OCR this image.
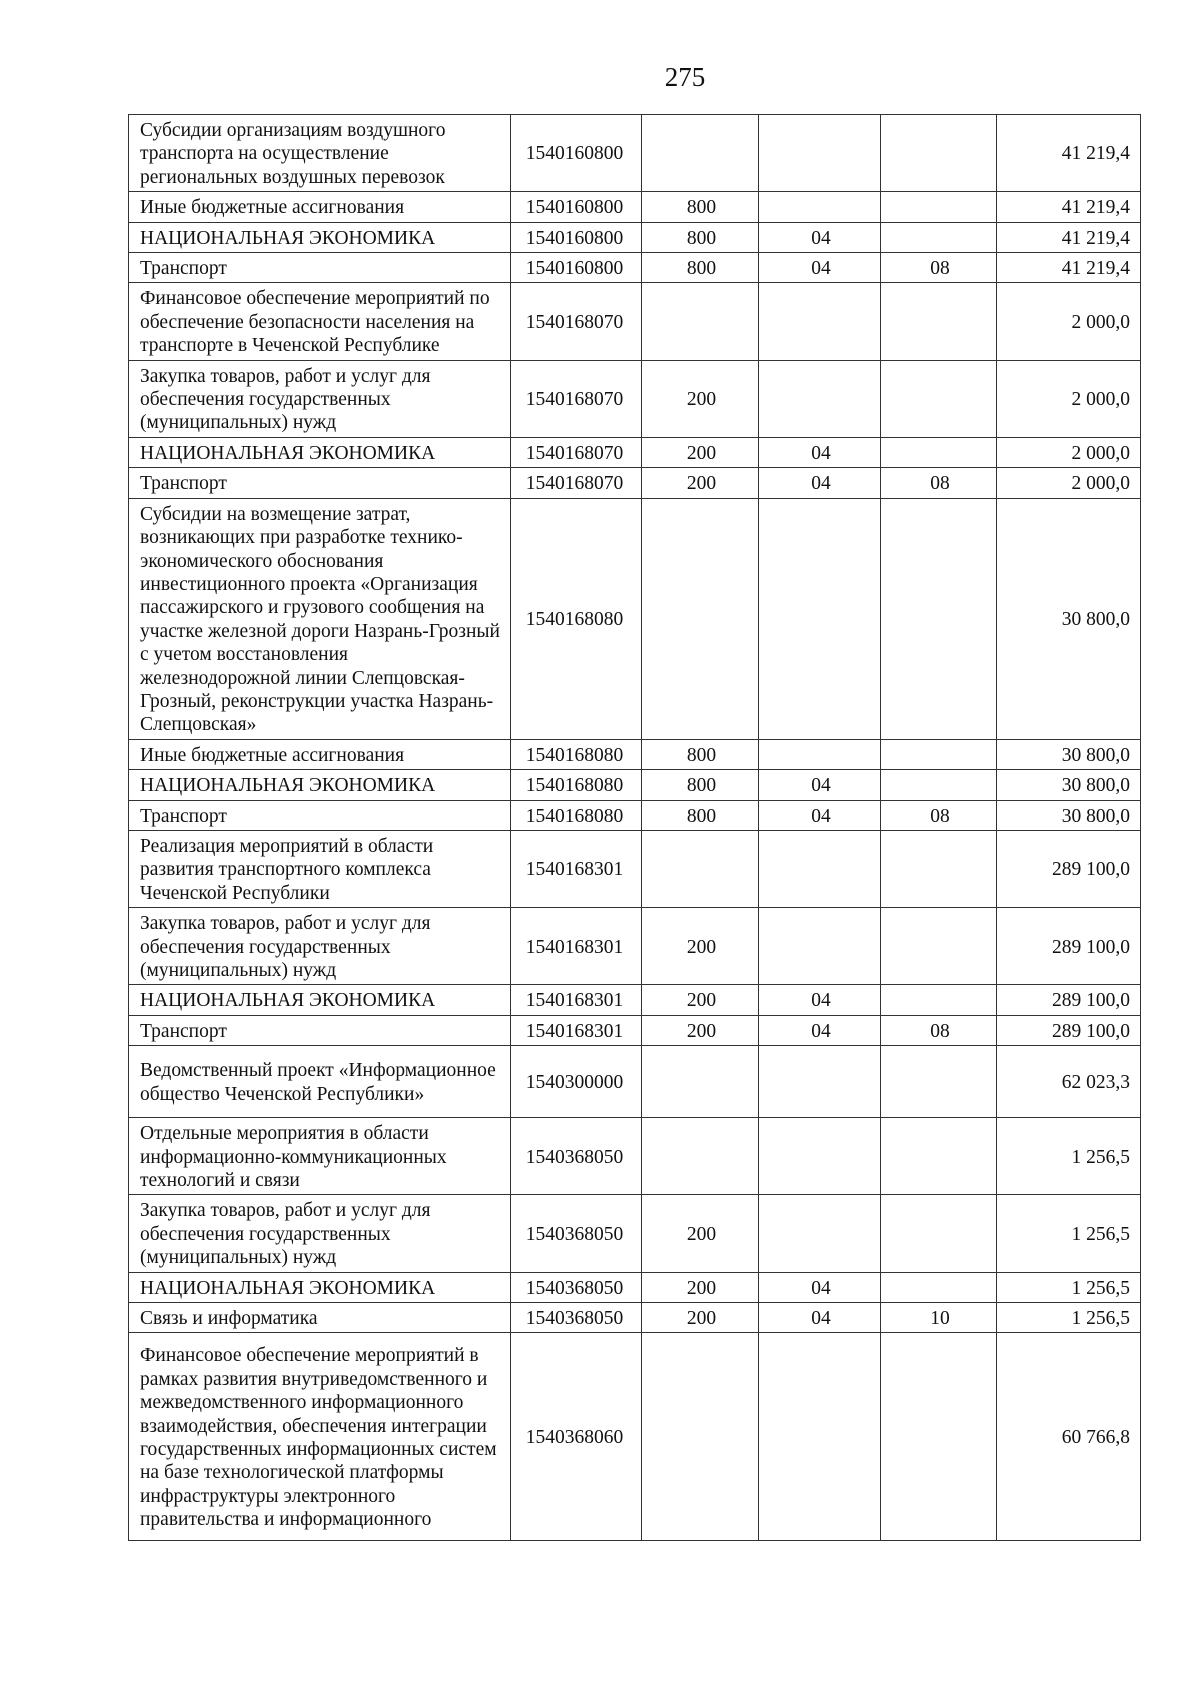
275
Субсидии организациям воздушного транспорта на осуществление региональных воздушных перевозок	1540160800				41 219,4
Иные бюджетные ассигнования	1540160800	800			41 219,4
НАЦИОНАЛЬНАЯ ЭКОНОМИКА	1540160800	800	04		41 219,4
Транспорт	1540160800	800	04	08	41 219,4
Финансовое обеспечение мероприятий по обеспечение безопасности населения на транспорте в Чеченской Республике	1540168070				2 000,0
Закупка товаров, работ и услуг для обеспечения государственных (муниципальных) нужд	1540168070	200			2 000,0
НАЦИОНАЛЬНАЯ ЭКОНОМИКА	1540168070	200	04		2 000,0
Транспорт	1540168070	200	04	08	2 000,0
Субсидии на возмещение затрат, возникающих при разработке технико-экономического обоснования инвестиционного проекта «Организация пассажирского и грузового сообщения на участке железной дороги Назрань-Грозный с учетом восстановления железнодорожной линии Слепцовская-Грозный, реконструкции участка Назрань-Слепцовская»	1540168080				30 800,0
Иные бюджетные ассигнования	1540168080	800			30 800,0
НАЦИОНАЛЬНАЯ ЭКОНОМИКА	1540168080	800	04		30 800,0
Транспорт	1540168080	800	04	08	30 800,0
Реализация мероприятий в области развития транспортного комплекса Чеченской Республики	1540168301				289 100,0
Закупка товаров, работ и услуг для обеспечения государственных (муниципальных) нужд	1540168301	200			289 100,0
НАЦИОНАЛЬНАЯ ЭКОНОМИКА	1540168301	200	04		289 100,0
Транспорт	1540168301	200	04	08	289 100,0
Ведомственный проект «Информационное общество Чеченской Республики»	1540300000				62 023,3
Отдельные мероприятия в области информационно-коммуникационных технологий и связи	1540368050				1 256,5
Закупка товаров, работ и услуг для обеспечения государственных (муниципальных) нужд	1540368050	200			1 256,5
НАЦИОНАЛЬНАЯ ЭКОНОМИКА	1540368050	200	04		1 256,5
Связь и информатика	1540368050	200	04	10	1 256,5
Финансовое обеспечение мероприятий в рамках развития внутриведомственного и межведомственного информационного взаимодействия, обеспечения интеграции государственных информационных систем на базе технологической платформы инфраструктуры электронного правительства и информационного	1540368060				60 766,8
